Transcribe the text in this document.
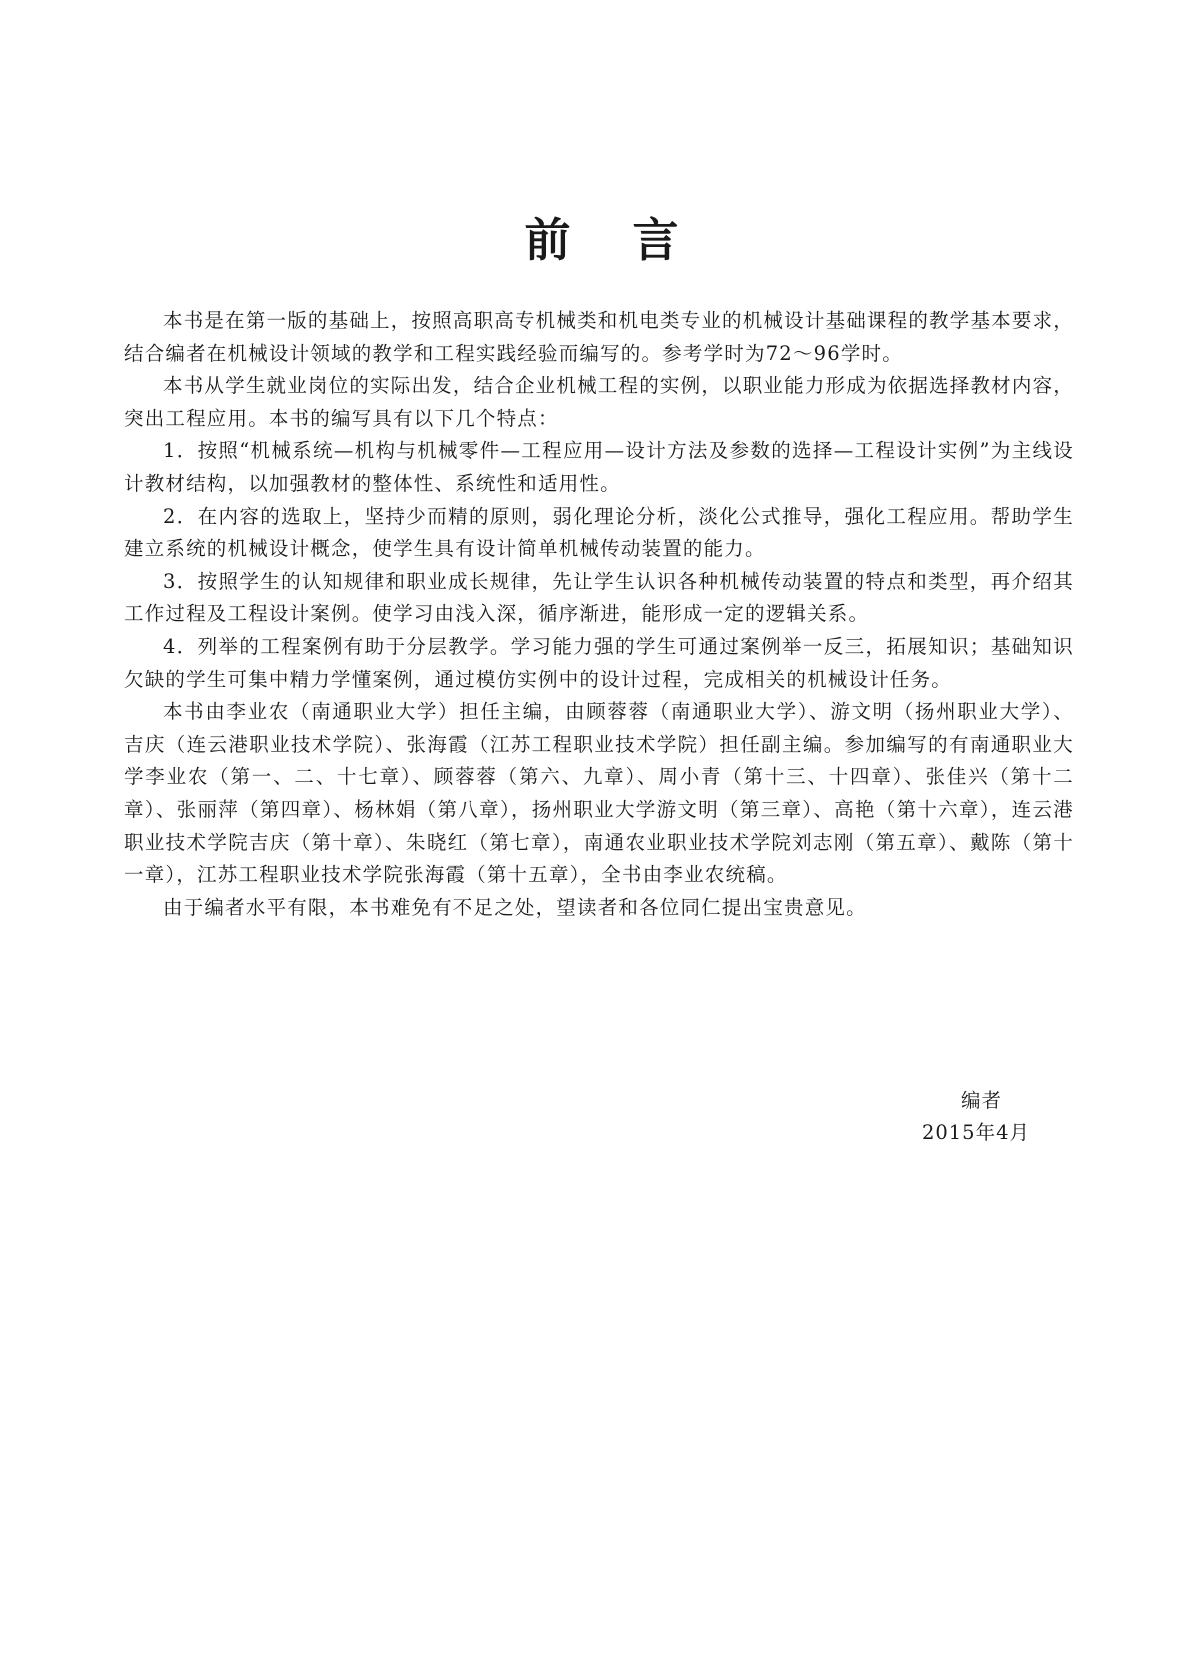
前言

本书是在第一版的基础上，按照高职高专机械类和机电类专业的机械设计基础课程的教学基本要求，结合编者在机械设计领域的教学和工程实践经验而编写的。参考学时为72～96学时。

本书从学生就业岗位的实际出发，结合企业机械工程的实例，以职业能力形成为依据选择教材内容，突出工程应用。本书的编写具有以下几个特点：

1．按照“机械系统—机构与机械零件—工程应用—设计方法及参数的选择—工程设计实例”为主线设计教材结构，以加强教材的整体性、系统性和适用性。

2．在内容的选取上，坚持少而精的原则，弱化理论分析，淡化公式推导，强化工程应用。帮助学生建立系统的机械设计概念，使学生具有设计简单机械传动装置的能力。

3．按照学生的认知规律和职业成长规律，先让学生认识各种机械传动装置的特点和类型，再介绍其工作过程及工程设计案例。使学习由浅入深，循序渐进，能形成一定的逻辑关系。

4．列举的工程案例有助于分层教学。学习能力强的学生可通过案例举一反三，拓展知识；基础知识欠缺的学生可集中精力学懂案例，通过模仿实例中的设计过程，完成相关的机械设计任务。

本书由李业农（南通职业大学）担任主编，由顾蓉蓉（南通职业大学）、游文明（扬州职业大学）、吉庆（连云港职业技术学院）、张海霞（江苏工程职业技术学院）担任副主编。参加编写的有南通职业大学李业农（第一、二、十七章）、顾蓉蓉（第六、九章）、周小青（第十三、十四章）、张佳兴（第十二章）、张丽萍（第四章）、杨林娟（第八章），扬州职业大学游文明（第三章）、高艳（第十六章），连云港职业技术学院吉庆（第十章）、朱晓红（第七章），南通农业职业技术学院刘志刚（第五章）、戴陈（第十一章），江苏工程职业技术学院张海霞（第十五章），全书由李业农统稿。

由于编者水平有限，本书难免有不足之处，望读者和各位同仁提出宝贵意见。

编者
2015年4月
